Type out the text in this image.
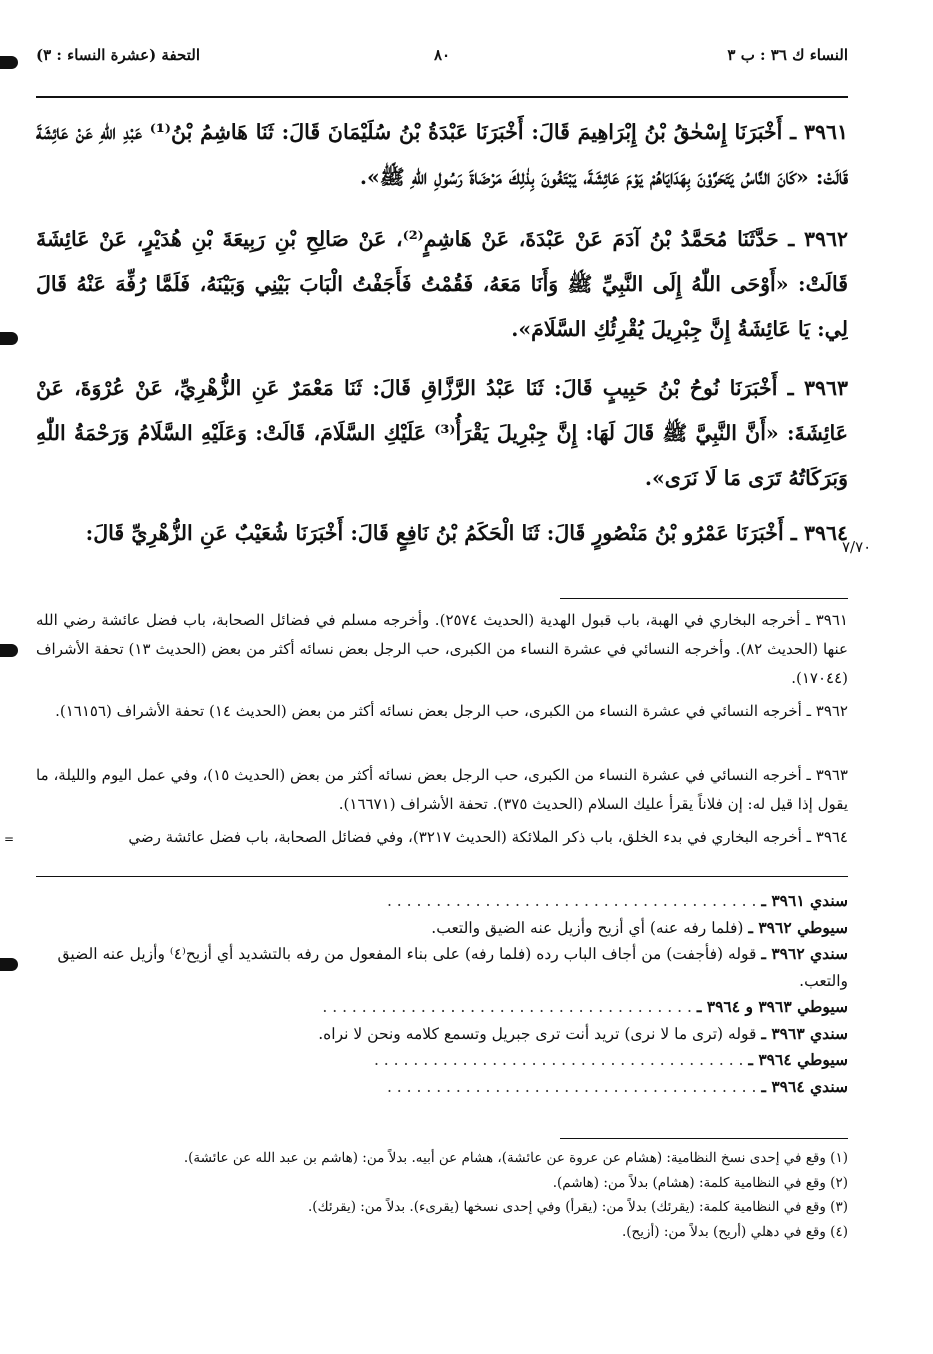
=
النساء ك ٣٦ : ب ٣
٨٠
التحفة (عشرة النساء : ٣)

٣٩٦١ ـ أَخْبَرَنَا إِسْحٰقُ بْنُ إِبْرَاهِيمَ قَالَ: أَخْبَرَنَا عَبْدَةُ بْنُ سُلَيْمَانَ قَالَ: ثَنَا هَاشِمُ بْنُ⁽¹⁾ عَبْدِ اللّٰهِ عَنْ عَائِشَةَ قَالَتْ: «كَانَ النَّاسُ يَتَحَرَّوْنَ بِهَدَايَاهُمْ يَوْمَ عَائِشَةَ، يَبْتَغُونَ بِذٰلِكَ مَرْضَاةَ رَسُولِ اللّٰهِ ﷺ».

٣٩٦٢ ـ حَدَّثَنَا مُحَمَّدُ بْنُ آدَمَ عَنْ عَبْدَةَ، عَنْ هَاشِمٍ⁽²⁾، عَنْ صَالِحِ بْنِ رَبِيعَةَ بْنِ هُدَيْرٍ، عَنْ عَائِشَةَ قَالَتْ: «أَوْحَى اللّٰهُ إِلَى النَّبِيِّ ﷺ وَأَنَا مَعَهُ، فَقُمْتُ فَأَجَفْتُ الْبَابَ بَيْنِي وَبَيْنَهُ، فَلَمَّا رُفِّهَ عَنْهُ قَالَ لِي: يَا عَائِشَةُ إِنَّ جِبْرِيلَ يُقْرِئُكِ السَّلَامَ».

٣٩٦٣ ـ أَخْبَرَنَا نُوحُ بْنُ حَبِيبٍ قَالَ: ثَنَا عَبْدُ الرَّزَّاقِ قَالَ: ثَنَا مَعْمَرٌ عَنِ الزُّهْرِيِّ، عَنْ عُرْوَةَ، عَنْ عَائِشَةَ: «أَنَّ النَّبِيَّ ﷺ قَالَ لَهَا: إِنَّ جِبْرِيلَ يَقْرَأُ⁽³⁾ عَلَيْكِ السَّلَامَ، قَالَتْ: وَعَلَيْهِ السَّلَامُ وَرَحْمَةُ اللّٰهِ وَبَرَكَاتُهُ تَرَى مَا لَا نَرَى».

٣٩٦٤ ـ أَخْبَرَنَا عَمْرُو بْنُ مَنْصُورٍ قَالَ: ثَنَا الْحَكَمُ بْنُ نَافِعٍ قَالَ: أَخْبَرَنَا شُعَيْبٌ عَنِ الزُّهْرِيِّ قَالَ:

٧/٧٠

٣٩٦١ ـ أخرجه البخاري في الهبة، باب قبول الهدية (الحديث ٢٥٧٤). وأخرجه مسلم في فضائل الصحابة، باب فضل عائشة رضي الله عنها (الحديث ٨٢). وأخرجه النسائي في عشرة النساء من الكبرى، حب الرجل بعض نسائه أكثر من بعض (الحديث ١٣) تحفة الأشراف (١٧٠٤٤).

٣٩٦٢ ـ أخرجه النسائي في عشرة النساء من الكبرى، حب الرجل بعض نسائه أكثر من بعض (الحديث ١٤) تحفة الأشراف (١٦١٥٦).

٣٩٦٣ ـ أخرجه النسائي في عشرة النساء من الكبرى، حب الرجل بعض نسائه أكثر من بعض (الحديث ١٥)، وفي عمل اليوم والليلة، ما يقول إذا قيل له: إن فلاناً يقرأ عليك السلام (الحديث ٣٧٥). تحفة الأشراف (١٦٦٧١).

٣٩٦٤ ـ أخرجه البخاري في بدء الخلق، باب ذكر الملائكة (الحديث ٣٢١٧)، وفي فضائل الصحابة، باب فضل عائشة رضي

سندي ٣٩٦١ ـ . . . . . . . . . . . . . . . . . . . . . . . . . . . . . . . . . . . . . .

سيوطي ٣٩٦٢ ـ (فلما رفه عنه) أي أزيح وأزيل عنه الضيق والتعب.

سندي ٣٩٦٢ ـ قوله (فأجفت) من أجاف الباب رده (فلما رفه) على بناء المفعول من رفه بالتشديد أي أزيح⁽٤⁾ وأزيل عنه الضيق والتعب.

سيوطي ٣٩٦٣ و ٣٩٦٤ ـ . . . . . . . . . . . . . . . . . . . . . . . . . . . . . . . . . . . . . .

سندي ٣٩٦٣ ـ قوله (ترى ما لا نرى) تريد أنت ترى جبريل وتسمع كلامه ونحن لا نراه.

سيوطي ٣٩٦٤ ـ . . . . . . . . . . . . . . . . . . . . . . . . . . . . . . . . . . . . . .

سندي ٣٩٦٤ ـ . . . . . . . . . . . . . . . . . . . . . . . . . . . . . . . . . . . . . .

(١) وقع في إحدى نسخ النظامية: (هشام عن عروة عن عائشة)، هشام عن أبيه. بدلاً من: (هاشم بن عبد الله عن عائشة).

(٢) وقع في النظامية كلمة: (هشام) بدلاً من: (هاشم).

(٣) وقع في النظامية كلمة: (يقرئك) بدلاً من: (يقرأ) وفي إحدى نسخها (يقرىء). بدلاً من: (يقرئك).

(٤) وقع في دهلي (أريح) بدلاً من: (أزيح).
